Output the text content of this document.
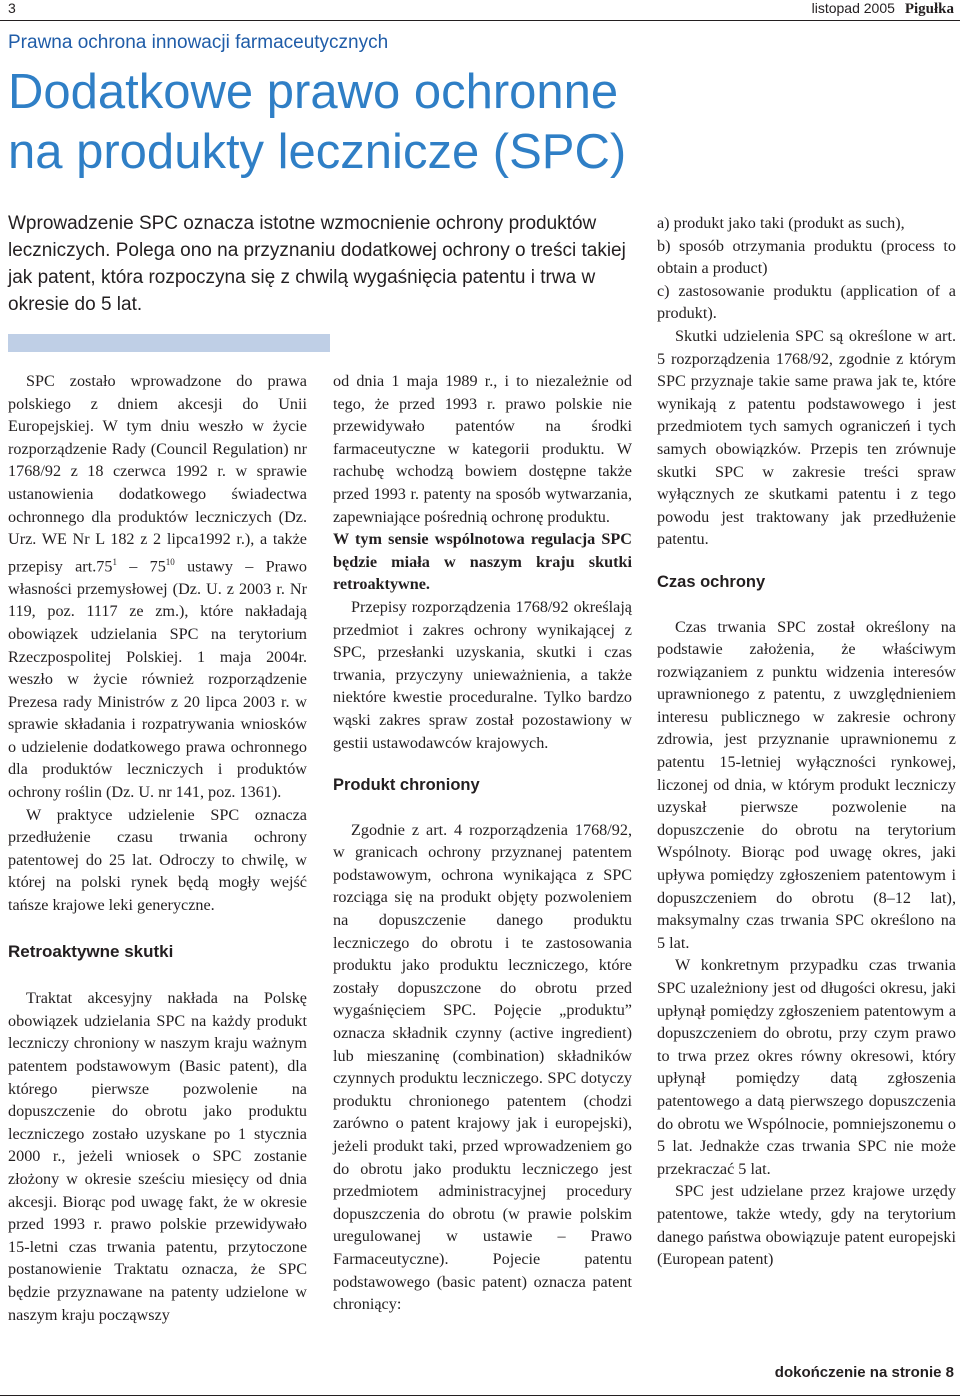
3	listopad 2005 Pigułka
Prawna ochrona innowacji farmaceutycznych
Dodatkowe prawo ochronne
na produkty lecznicze (SPC)
Wprowadzenie SPC oznacza istotne wzmocnienie ochrony produktów leczniczych. Polega ono na przyznaniu dodatkowej ochrony o treści takiej jak patent, która rozpoczyna się z chwilą wygaśnięcia patentu i trwa w okresie do 5 lat.

SPC zostało wprowadzone do prawa polskiego z dniem akcesji do Unii Europejskiej. W tym dniu weszło w życie rozporządzenie Rady (Council Regulation) nr 1768/92 z 18 czerwca 1992 r. w sprawie ustanowienia dodatkowego świadectwa ochronnego dla produktów leczniczych (Dz. Urz. WE Nr L 182 z 2 lipca1992 r.), a także przepisy $art.75^1 - 75^{10}$ ustawy – Prawo własności przemysłowej (Dz. U. z 2003 r. Nr 119, poz. 1117 ze zm.), które nakładają obowiązek udzielania SPC na terytorium Rzeczpospolitej Polskiej. 1 maja 2004r. weszło w życie również rozporządzenie Prezesa rady Ministrów z 20 lipca 2003 r. w sprawie składania i rozpatrywania wniosków o udzielenie dodatkowego prawa ochronnego dla produktów leczniczych i produktów ochrony roślin (Dz. U. nr 141, poz. 1361).

W praktyce udzielenie SPC oznacza przedłużenie czasu trwania ochrony patentowej do 25 lat. Odroczy to chwilę, w której na polski rynek będą mogły wejść tańsze krajowe leki generyczne.

Retroaktywne skutki

Traktat akcesyjny nakłada na Polskę obowiązek udzielania SPC na każdy produkt leczniczy chroniony w naszym kraju ważnym patentem podstawowym (Basic patent), dla którego pierwsze pozwolenie na dopuszczenie do obrotu jako produktu leczniczego zostało uzyskane po 1 stycznia 2000 r., jeżeli wniosek o SPC zostanie złożony w okresie sześciu miesięcy od dnia akcesji. Biorąc pod uwagę fakt, że w okresie przed 1993 r. prawo polskie przewidywało 15-letni czas trwania patentu, przytoczone postanowienie Traktatu oznacza, że SPC będzie przyznawane na patenty udzielone w naszym kraju począwszy

od dnia 1 maja 1989 r., i to niezależnie od tego, że przed 1993 r. prawo polskie nie przewidywało patentów na środki farmaceutyczne w kategorii produktu. W rachubę wchodzą bowiem dostępne także przed 1993 r. patenty na sposób wytwarzania, zapewniające pośrednią ochronę produktu.

W tym sensie wspólnotowa regulacja SPC będzie miała w naszym kraju skutki retroaktywne.

Przepisy rozporządzenia 1768/92 określają przedmiot i zakres ochrony wynikającej z SPC, przesłanki uzyskania, skutki i czas trwania, przyczyny unieważnienia, a także niektóre kwestie proceduralne. Tylko bardzo wąski zakres spraw został pozostawiony w gestii ustawodawców krajowych.

Produkt chroniony

Zgodnie z art. 4 rozporządzenia 1768/92, w granicach ochrony przyznanej patentem podstawowym, ochrona wynikająca z SPC rozciąga się na produkt objęty pozwoleniem na dopuszczenie danego produktu leczniczego do obrotu i te zastosowania produktu jako produktu leczniczego, które zostały dopuszczone do obrotu przed wygaśnięciem SPC. Pojęcie „produktu” oznacza składnik czynny (active ingredient) lub mieszaninę (combination) składników czynnych produktu leczniczego. SPC dotyczy produktu chronionego patentem (chodzi zarówno o patent krajowy jak i europejski), jeżeli produkt taki, przed wprowadzeniem go do obrotu jako produktu leczniczego jest przedmiotem administracyjnej procedury dopuszczenia do obrotu (w prawie polskim uregulowanej w ustawie – Prawo Farmaceutyczne). Pojecie patentu podstawowego (basic patent) oznacza patent chroniący:

a) produkt jako taki (produkt as such),

b) sposób otrzymania produktu (process to obtain a product)

c) zastosowanie produktu (application of a produkt).

Skutki udzielenia SPC są określone w art. 5 rozporządzenia 1768/92, zgodnie z którym SPC przyznaje takie same prawa jak te, które wynikają z patentu podstawowego i jest przedmiotem tych samych ograniczeń i tych samych obowiązków. Przepis ten zrównuje skutki SPC w zakresie treści spraw wyłącznych ze skutkami patentu i z tego powodu jest traktowany jak przedłużenie patentu.

Czas ochrony

Czas trwania SPC został określony na podstawie założenia, że właściwym rozwiązaniem z punktu widzenia interesów uprawnionego z patentu, z uwzględnieniem interesu publicznego w zakresie ochrony zdrowia, jest przyznanie uprawnionemu z patentu 15-letniej wyłączności rynkowej, liczonej od dnia, w którym produkt leczniczy uzyskał pierwsze pozwolenie na dopuszczenie do obrotu na terytorium Wspólnoty. Biorąc pod uwagę okres, jaki upływa pomiędzy zgłoszeniem patentowym i dopuszczeniem do obrotu (8–12 lat), maksymalny czas trwania SPC określono na 5 lat.

W konkretnym przypadku czas trwania SPC uzależniony jest od długości okresu, jaki upłynął pomiędzy zgłoszeniem patentowym a dopuszczeniem do obrotu, przy czym prawo to trwa przez okres równy okresowi, który upłynął pomiędzy datą zgłoszenia patentowego a datą pierwszego dopuszczenia do obrotu we Wspólnocie, pomniejszonemu o 5 lat. Jednakże czas trwania SPC nie może przekraczać 5 lat.

SPC jest udzielane przez krajowe urzędy patentowe, także wtedy, gdy na terytorium danego państwa obowiązuje patent europejski (European patent)

dokończenie na stronie 8
